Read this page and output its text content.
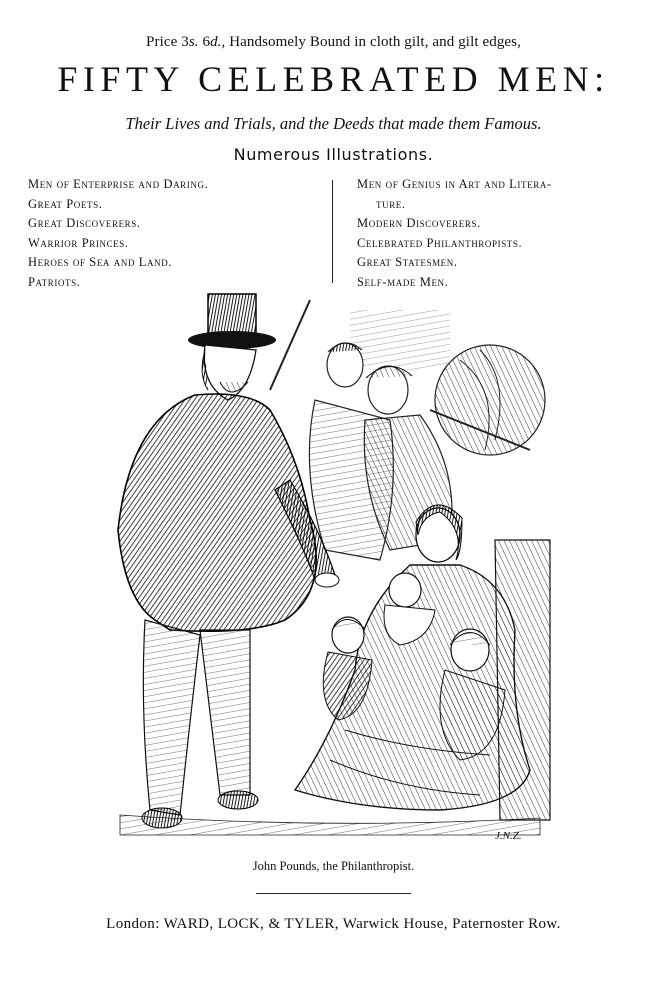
Price 3s. 6d., Handsomely Bound in cloth gilt, and gilt edges,
FIFTY CELEBRATED MEN:
Their Lives and Trials, and the Deeds that made them Famous.
Numerous Illustrations.
Men of Enterprise and Daring.
Great Poets.
Great Discoverers.
Warrior Princes.
Heroes of Sea and Land.
Patriots.
Men of Genius in Art and Litera-
ture.
Modern Discoverers.
Celebrated Philanthropists.
Great Statesmen.
Self-made Men.
J.N.Z.
John Pounds, the Philanthropist.
London: WARD, LOCK, & TYLER, Warwick House, Paternoster Row.
